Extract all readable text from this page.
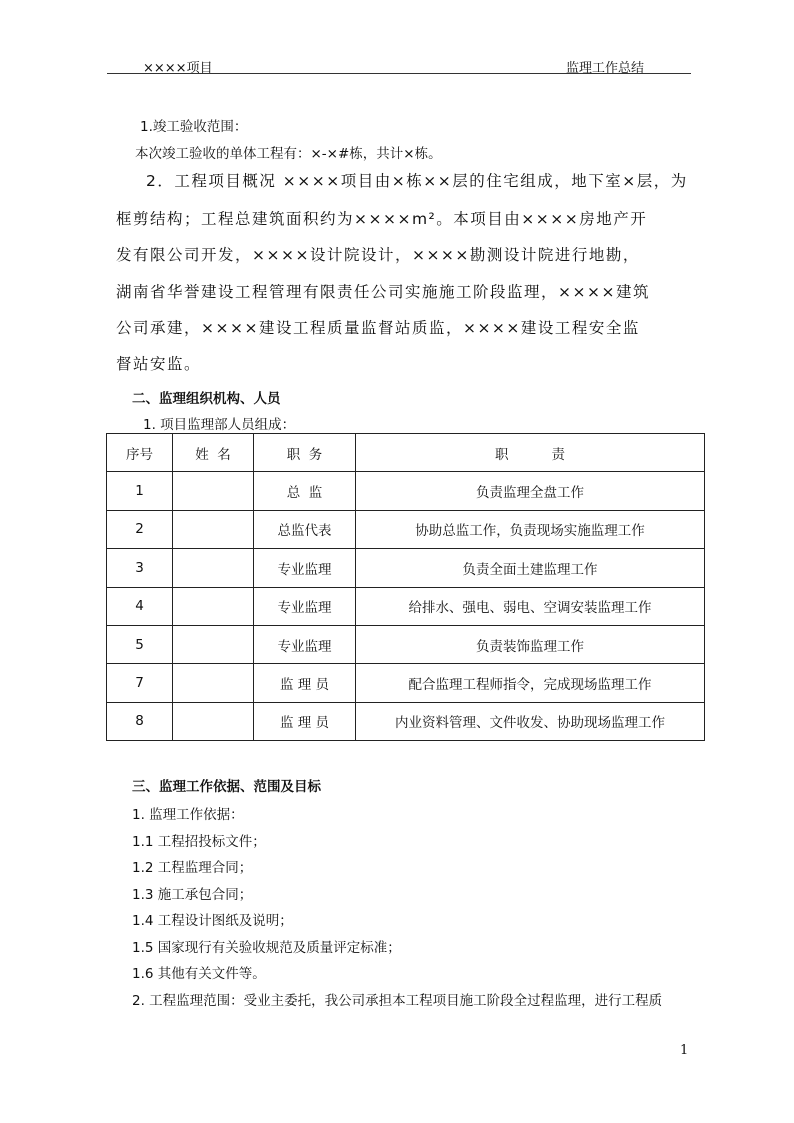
××××项目	监理工作总结
1.竣工验收范围：
本次竣工验收的单体工程有：×-×#栋，共计×栋。
2．工程项目概况 ××××项目由×栋××层的住宅组成，地下室×层，为
框剪结构；工程总建筑面积约为××××m²。本项目由××××房地产开
发有限公司开发，××××设计院设计，××××勘测设计院进行地勘，
湖南省华誉建设工程管理有限责任公司实施施工阶段监理，××××建筑
公司承建，××××建设工程质量监督站质监，××××建设工程安全监
督站安监。
二、监理组织机构、人员
1. 项目监理部人员组成：
序号	姓  名	职  务	职          责
1		总  监	负责监理全盘工作
2		总监代表	协助总监工作，负责现场实施监理工作
3		专业监理	负责全面土建监理工作
4		专业监理	给排水、强电、弱电、空调安装监理工作
5		专业监理	负责装饰监理工作
7		监 理 员	配合监理工程师指令，完成现场监理工作
8		监 理 员	内业资料管理、文件收发、协助现场监理工作
三、监理工作依据、范围及目标
1. 监理工作依据：
1.1 工程招投标文件；
1.2 工程监理合同；
1.3 施工承包合同；
1.4 工程设计图纸及说明；
1.5 国家现行有关验收规范及质量评定标准；
1.6 其他有关文件等。
2. 工程监理范围：受业主委托，我公司承担本工程项目施工阶段全过程监理，进行工程质
1
